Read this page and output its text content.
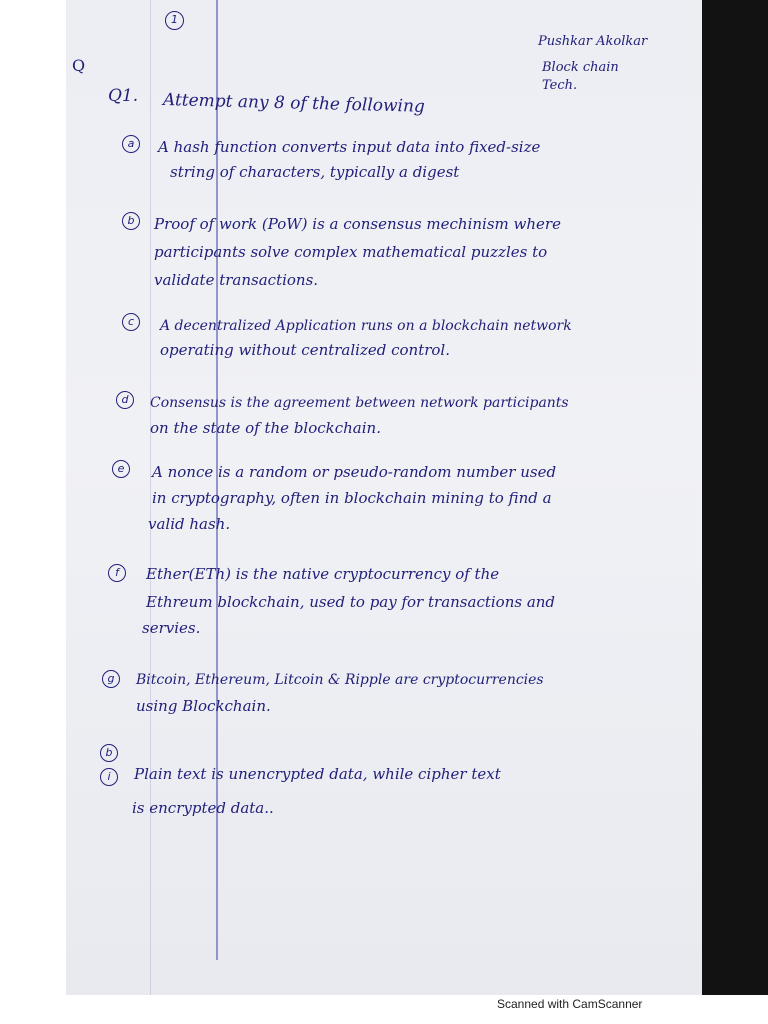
1
Q
Pushkar Akolkar
Block chain
Tech.
Q1. Attempt any 8 of the following
a	A hash function converts input data into fixed-size
string of characters, typically a digest
b	Proof of work (PoW) is a consensus mechinism where
participants solve complex mathematical puzzles to
validate transactions.
c	A decentralized Application runs on a blockchain network
operating without centralized control.
d	Consensus is the agreement between network participants
on the state of the blockchain.
e	A nonce is a random or pseudo-random number used
in cryptography, often in blockchain mining to find a
valid hash.
f	Ether(ETh) is the native cryptocurrency of the
Ethreum blockchain, used to pay for transactions and
servies.
g	Bitcoin, Ethereum, Litcoin & Ripple are cryptocurrencies
using Blockchain.
b
i	Plain text is unencrypted data, while cipher text
is encrypted data..
Scanned with CamScanner
